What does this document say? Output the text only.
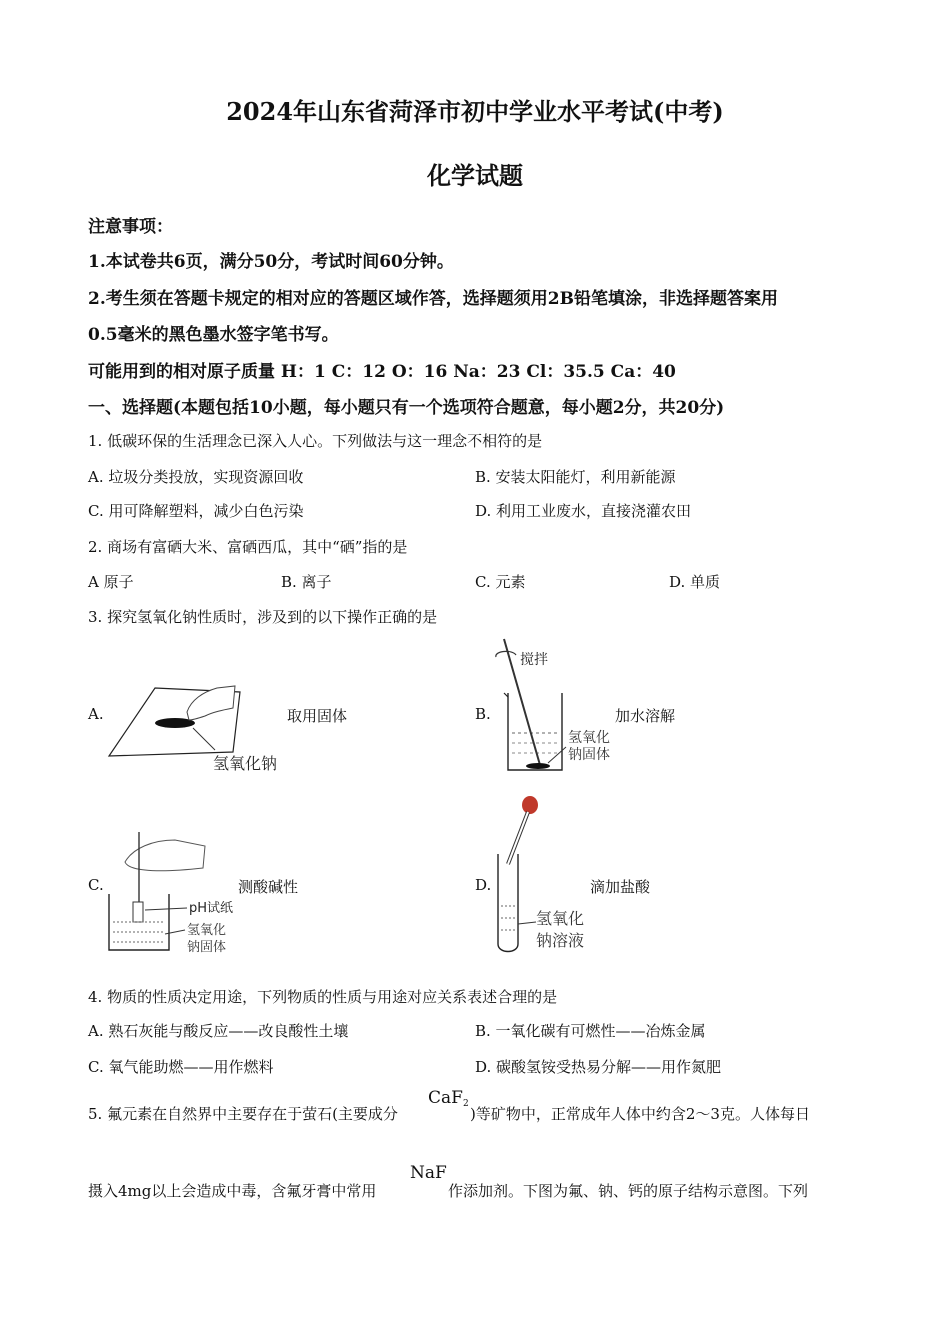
2024年山东省菏泽市初中学业水平考试(中考)
化学试题
注意事项：
1.本试卷共6页，满分50分，考试时间60分钟。
2.考生须在答题卡规定的相对应的答题区域作答，选择题须用2B铅笔填涂，非选择题答案用
0.5毫米的黑色墨水签字笔书写。
可能用到的相对原子质量 H：1 C：12 O：16 Na：23 Cl：35.5 Ca：40
一、选择题(本题包括10小题，每小题只有一个选项符合题意，每小题2分，共20分)
1. 低碳环保的生活理念已深入人心。下列做法与这一理念不相符的是
A. 垃圾分类投放，实现资源回收	B. 安装太阳能灯，利用新能源
C. 用可降解塑料，减少白色污染	D. 利用工业废水，直接浇灌农田
2. 商场有富硒大米、富硒西瓜，其中“硒”指的是
A 原子	B. 离子	C. 元素	D. 单质
3. 探究氢氧化钠性质时，涉及到的以下操作正确的是
A.
氢氧化钠
取用固体	B.
搅拌
氢氧化
钠固体
加水溶解
C.
pH试纸
氢氧化
钠固体
测酸碱性	D.
氢氧化
钠溶液
滴加盐酸
4. 物质的性质决定用途，下列物质的性质与用途对应关系表述合理的是
A. 熟石灰能与酸反应——改良酸性土壤	B. 一氧化碳有可燃性——冶炼金属
C. 氧气能助燃——用作燃料	D. 碳酸氢铵受热易分解——用作氮肥
5. 氟元素在自然界中主要存在于萤石(主要成分
CaF$_2$
)等矿物中，正常成年人体中约含2～3克。人体每日
摄入4mg以上会造成中毒，含氟牙膏中常用
NaF
作添加剂。下图为氟、钠、钙的原子结构示意图。下列
